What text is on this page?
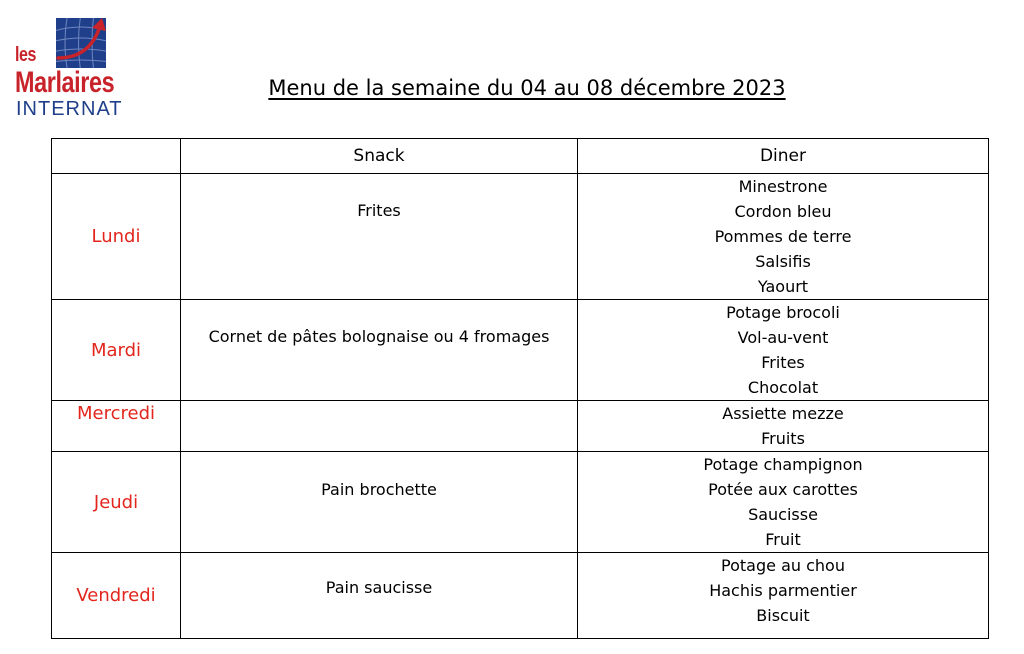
les
Marlaires
INTERNAT
Menu de la semaine du 04 au 08 décembre 2023
	Snack	Diner
Lundi	Frites	Minestrone
Cordon bleu
Pommes de terre
Salsifis
Yaourt

Mardi	Cornet de pâtes bolognaise ou 4 fromages	Potage brocoli
Vol-au-vent
Frites
Chocolat

Mercredi		Assiette mezze
Fruits

Jeudi	Pain brochette	Potage champignon
Potée aux carottes
Saucisse
Fruit

Vendredi	Pain saucisse	Potage au chou
Hachis parmentier
Biscuit
